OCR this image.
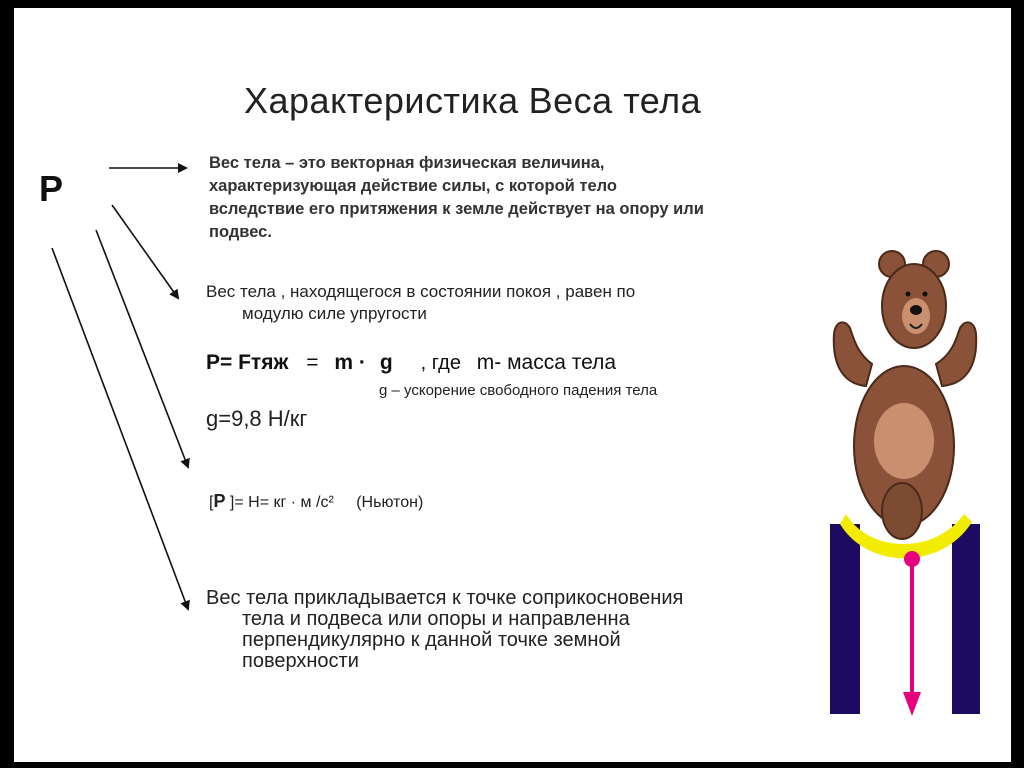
Характеристика Веса тела
P
Вес тела – это векторная физическая величина,
характеризующая действие силы, с которой тело
вследствие его притяжения к земле действует на опору или
подвес.
Вес тела , находящегося в состоянии покоя , равен по
модулю силе упругости
P= Fтяж = m · g , где m- масса тела
g – ускорение свободного падения тела
g=9,8 Н/кг
[P ]= Н= кг · м /с² (Ньютон)
Вес тела прикладывается к точке соприкосновения
тела и подвеса или опоры и направленна
перпендикулярно к данной точке земной
поверхности
